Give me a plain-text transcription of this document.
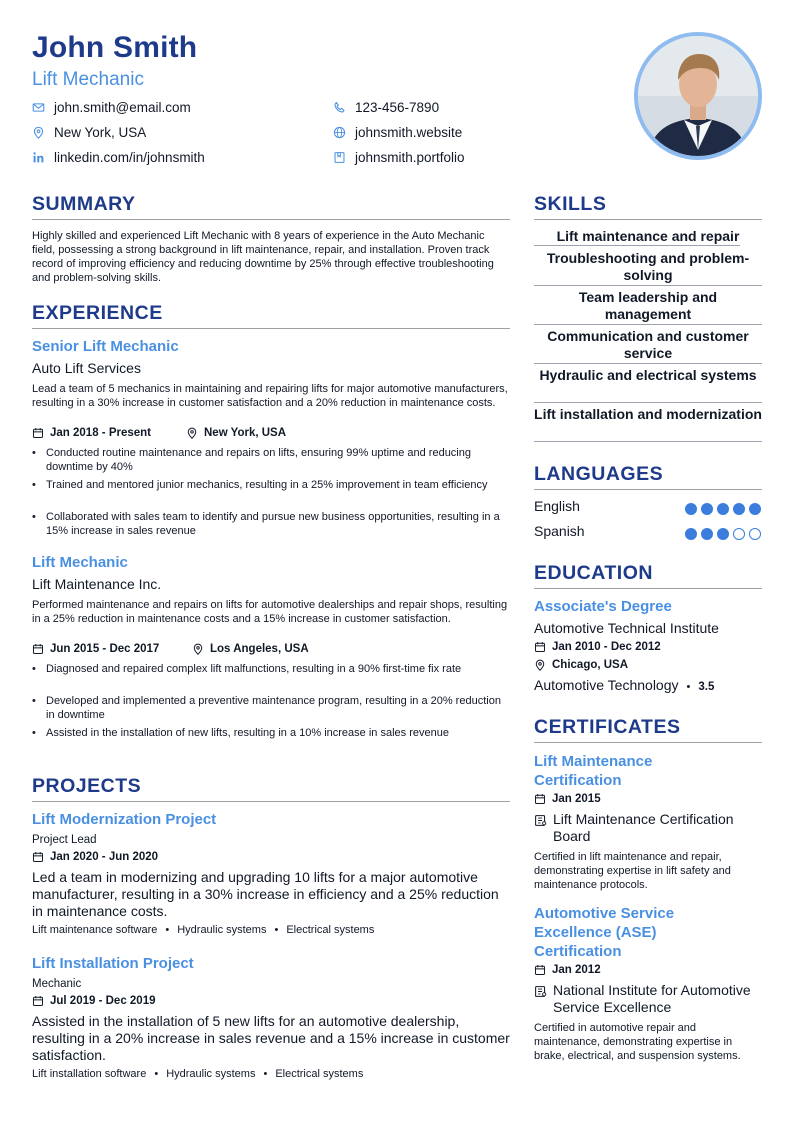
John Smith
Lift Mechanic
john.smith@email.com	123-456-7890
New York, USA	johnsmith.website
linkedin.com/in/johnsmith	johnsmith.portfolio
SUMMARY
Highly skilled and experienced Lift Mechanic with 8 years of experience in the Auto Mechanic field, possessing a strong background in lift maintenance, repair, and installation. Proven track record of improving efficiency and reducing downtime by 25% through effective troubleshooting and problem-solving skills.
EXPERIENCE
Senior Lift Mechanic
Auto Lift Services
Lead a team of 5 mechanics in maintaining and repairing lifts for major automotive manufacturers, resulting in a 30% increase in customer satisfaction and a 20% reduction in maintenance costs.
Jan 2018 - Present	New York, USA
• Conducted routine maintenance and repairs on lifts, ensuring 99% uptime and reducing downtime by 40%
• Trained and mentored junior mechanics, resulting in a 25% improvement in team efficiency
• Collaborated with sales team to identify and pursue new business opportunities, resulting in a 15% increase in sales revenue
Lift Mechanic
Lift Maintenance Inc.
Performed maintenance and repairs on lifts for automotive dealerships and repair shops, resulting in a 25% reduction in maintenance costs and a 15% increase in customer satisfaction.
Jun 2015 - Dec 2017	Los Angeles, USA
• Diagnosed and repaired complex lift malfunctions, resulting in a 90% first-time fix rate
• Developed and implemented a preventive maintenance program, resulting in a 20% reduction in downtime
• Assisted in the installation of new lifts, resulting in a 10% increase in sales revenue
PROJECTS
Lift Modernization Project
Project Lead
Jan 2020 - Jun 2020
Led a team in modernizing and upgrading 10 lifts for a major automotive manufacturer, resulting in a 30% increase in efficiency and a 25% reduction in maintenance costs.
Lift maintenance software • Hydraulic systems • Electrical systems
Lift Installation Project
Mechanic
Jul 2019 - Dec 2019
Assisted in the installation of 5 new lifts for an automotive dealership, resulting in a 20% increase in sales revenue and a 15% increase in customer satisfaction.
Lift installation software • Hydraulic systems • Electrical systems
SKILLS
Lift maintenance and repair
Troubleshooting and problem-solving
Team leadership and management
Communication and customer service
Hydraulic and electrical systems
Lift installation and modernization
LANGUAGES
English
Spanish
EDUCATION
Associate's Degree
Automotive Technical Institute
Jan 2010 - Dec 2012
Chicago, USA
Automotive Technology • 3.5
CERTIFICATES
Lift Maintenance Certification
Jan 2015
Lift Maintenance Certification Board
Certified in lift maintenance and repair, demonstrating expertise in lift safety and maintenance protocols.
Automotive Service Excellence (ASE) Certification
Jan 2012
National Institute for Automotive Service Excellence
Certified in automotive repair and maintenance, demonstrating expertise in brake, electrical, and suspension systems.
